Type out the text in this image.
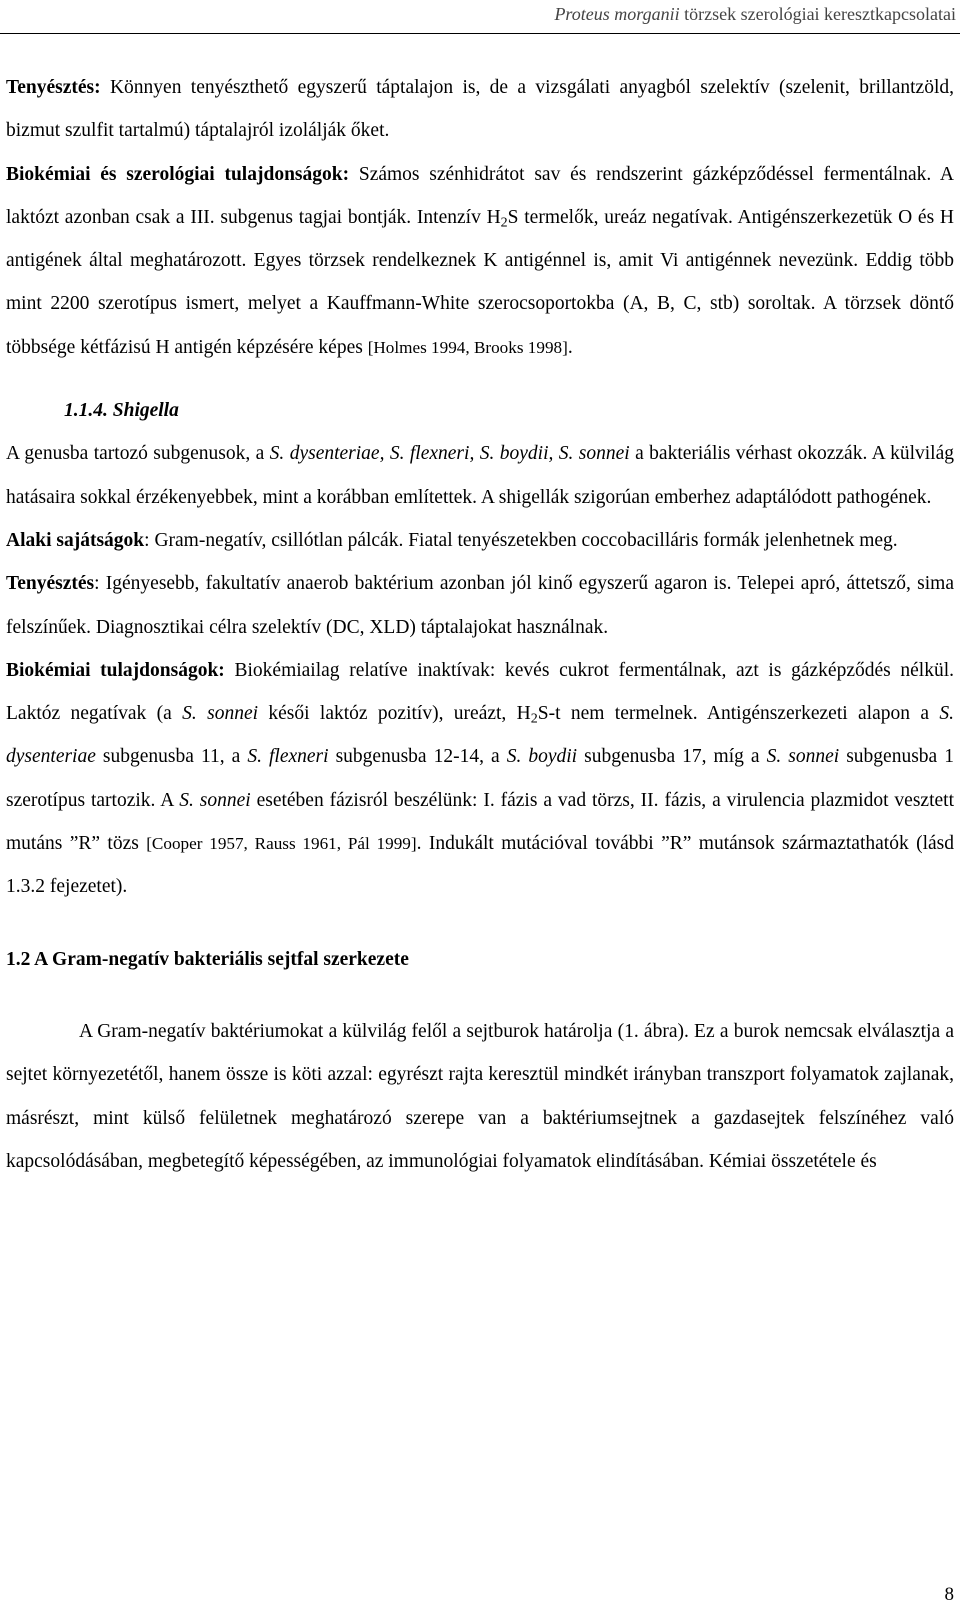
Proteus morganii törzsek szerológiai keresztkapcsolatai

Tenyésztés: Könnyen tenyészthető egyszerű táptalajon is, de a vizsgálati anyagból szelektív (szelenit, brillantzöld, bizmut szulfit tartalmú) táptalajról izolálják őket.

Biokémiai és szerológiai tulajdonságok: Számos szénhidrátot sav és rendszerint gázképződéssel fermentálnak. A laktózt azonban csak a III. subgenus tagjai bontják. Intenzív $H_2S$ termelők, ureáz negatívak. Antigénszerkezetük O és H antigének által meghatározott. Egyes törzsek rendelkeznek K antigénnel is, amit Vi antigénnek nevezünk. Eddig több mint 2200 szerotípus ismert, melyet a Kauffmann-White szerocsoportokba (A, B, C, stb) soroltak. A törzsek döntő többsége kétfázisú H antigén képzésére képes [Holmes 1994, Brooks 1998].

1.1.4. Shigella

A genusba tartozó subgenusok, a S. dysenteriae, S. flexneri, S. boydii, S. sonnei a bakteriális vérhast okozzák. A külvilág hatásaira sokkal érzékenyebbek, mint a korábban említettek. A shigellák szigorúan emberhez adaptálódott pathogének.

Alaki sajátságok: Gram-negatív, csillótlan pálcák. Fiatal tenyészetekben coccobacilláris formák jelenhetnek meg.

Tenyésztés: Igényesebb, fakultatív anaerob baktérium azonban jól kinő egyszerű agaron is. Telepei apró, áttetsző, sima felszínűek. Diagnosztikai célra szelektív (DC, XLD) táptalajokat használnak.

Biokémiai tulajdonságok: Biokémiailag relatíve inaktívak: kevés cukrot fermentálnak, azt is gázképződés nélkül. Laktóz negatívak (a S. sonnei késői laktóz pozitív), ureázt, $H_2S-t$ nem termelnek. Antigénszerkezeti alapon a S. dysenteriae subgenusba 11, a S. flexneri subgenusba 12-14, a S. boydii subgenusba 17, míg a S. sonnei subgenusba 1 szerotípus tartozik. A S. sonnei esetében fázisról beszélünk: I. fázis a vad törzs, II. fázis, a virulencia plazmidot vesztett mutáns ”R” tözs [Cooper 1957, Rauss 1961, Pál 1999]. Indukált mutációval további ”R” mutánsok származtathatók (lásd 1.3.2 fejezetet).

1.2 A Gram-negatív bakteriális sejtfal szerkezete

A Gram-negatív baktériumokat a külvilág felől a sejtburok határolja (1. ábra). Ez a burok nemcsak elválasztja a sejtet környezetétől, hanem össze is köti azzal: egyrészt rajta keresztül mindkét irányban transzport folyamatok zajlanak, másrészt, mint külső felületnek meghatározó szerepe van a baktériumsejtnek a gazdasejtek felszínéhez való kapcsolódásában, megbetegítő képességében, az immunológiai folyamatok elindításában. Kémiai összetétele és

8
